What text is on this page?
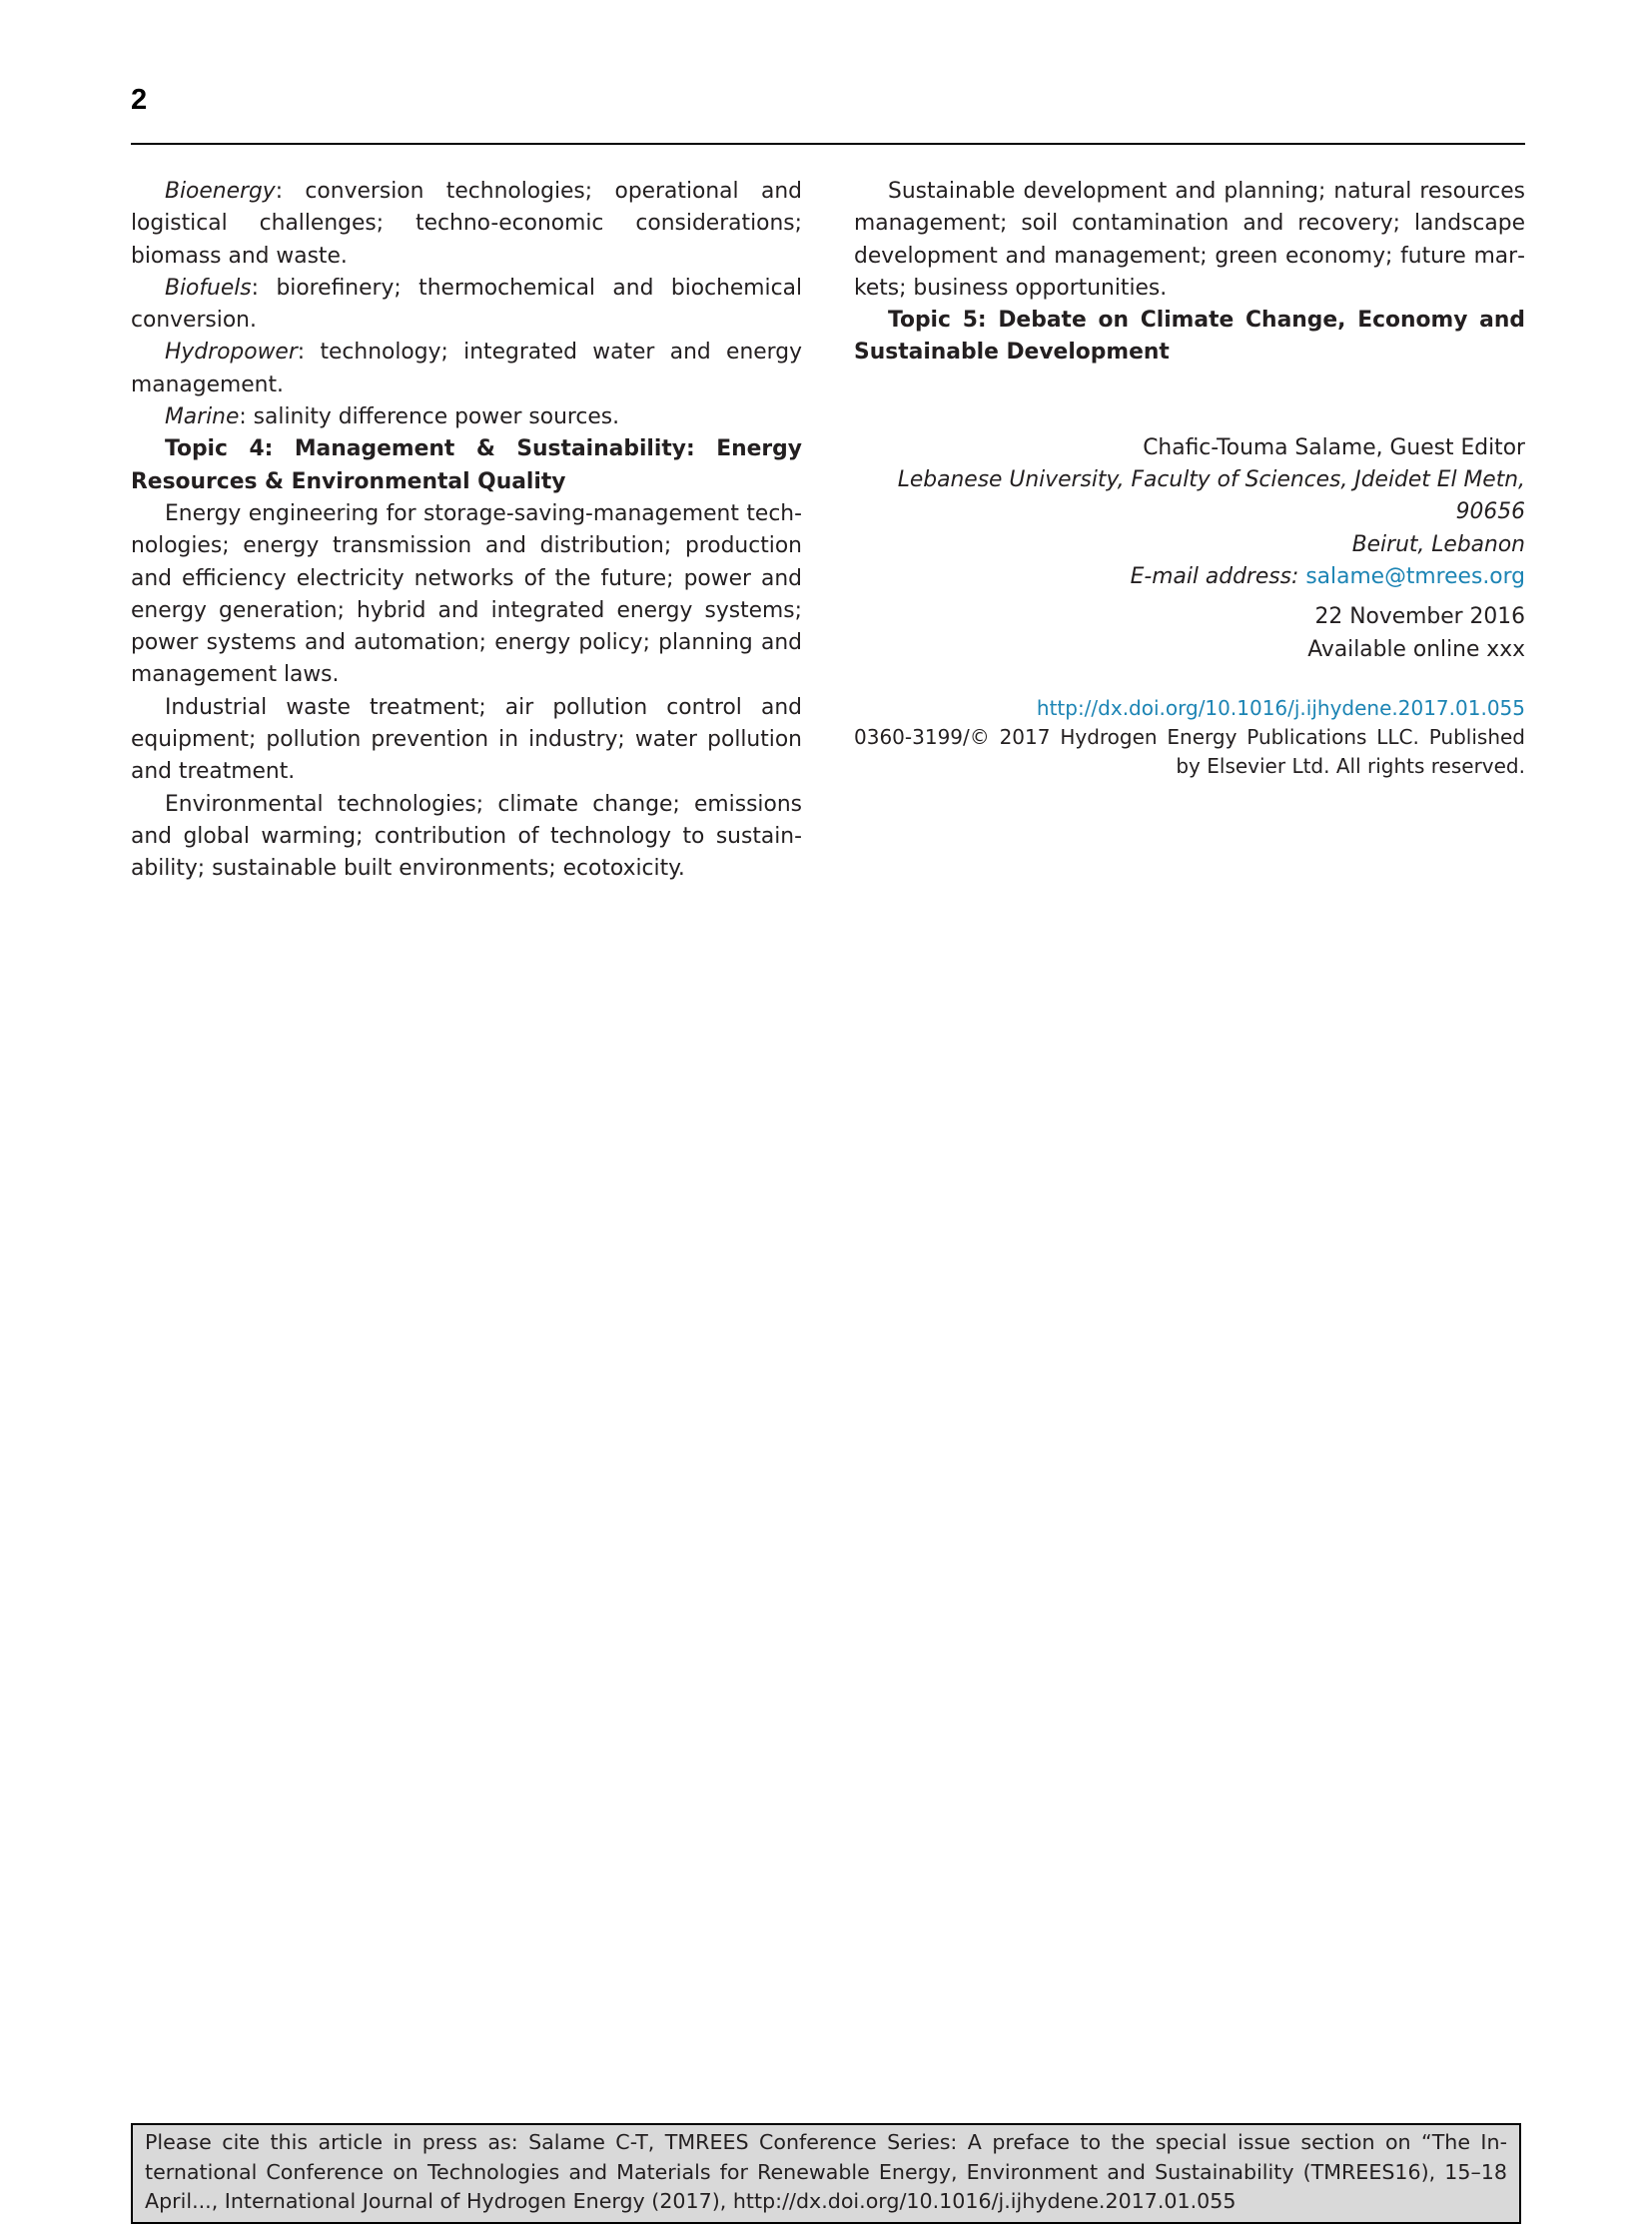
2

Bioenergy: conversion technologies; operational and logistical challenges; techno-economic considerations; biomass and waste.

Biofuels: biorefinery; thermochemical and biochemical conversion.

Hydropower: technology; integrated water and energy management.

Marine: salinity difference power sources.

Topic 4: Management & Sustainability: Energy Resources & Environmental Quality

Energy engineering for storage-saving-management technologies; energy transmission and distribution; production and efficiency electricity networks of the future; power and energy generation; hybrid and integrated energy systems; power systems and automation; energy policy; planning and management laws.

Industrial waste treatment; air pollution control and equipment; pollution prevention in industry; water pollution and treatment.

Environmental technologies; climate change; emissions and global warming; contribution of technology to sustainability; sustainable built environments; ecotoxicity.

Sustainable development and planning; natural resources management; soil contamination and recovery; landscape development and management; green economy; future markets; business opportunities.

Topic 5: Debate on Climate Change, Economy and Sustainable Development

Chafic-Touma Salame, Guest Editor
Lebanese University, Faculty of Sciences, Jdeidet El Metn, 90656
Beirut, Lebanon
E-mail address: salame@tmrees.org
22 November 2016
Available online xxx
http://dx.doi.org/10.1016/j.ijhydene.2017.01.055
0360-3199/© 2017 Hydrogen Energy Publications LLC. Published by Elsevier Ltd. All rights reserved.
Please cite this article in press as: Salame C-T, TMREES Conference Series: A preface to the special issue section on “The International Conference on Technologies and Materials for Renewable Energy, Environment and Sustainability (TMREES16), 15–18 April..., International Journal of Hydrogen Energy (2017), http://dx.doi.org/10.1016/j.ijhydene.2017.01.055
